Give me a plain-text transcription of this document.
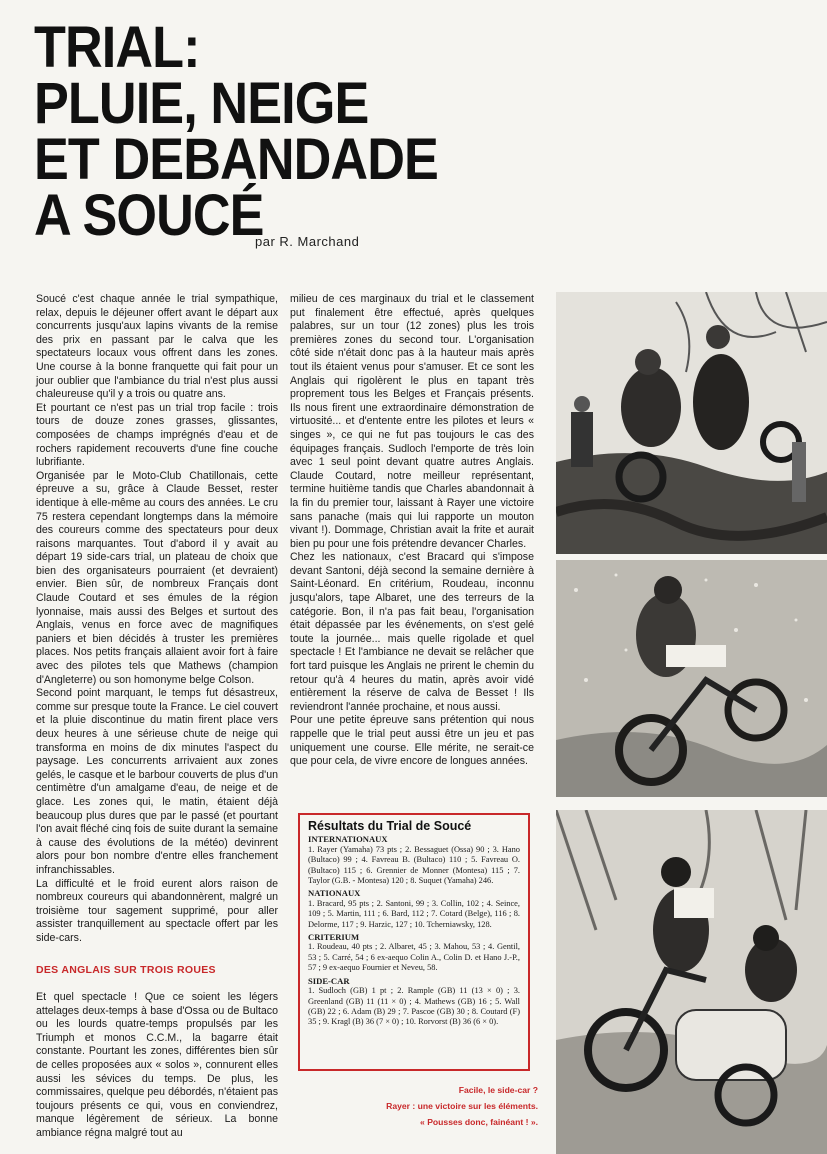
TRIAL:
PLUIE, NEIGE
ET DEBANDADE
A SOUCÉ
par R. Marchand

Soucé c'est chaque année le trial sympathique, relax, depuis le déjeuner offert avant le départ aux concurrents jusqu'aux lapins vivants de la remise des prix en passant par le calva que les spectateurs locaux vous offrent dans les zones. Une course à la bonne franquette qui fait pour un jour oublier que l'ambiance du trial n'est plus aussi chaleureuse qu'il y a trois ou quatre ans.

Et pourtant ce n'est pas un trial trop facile : trois tours de douze zones grasses, glissantes, composées de champs imprégnés d'eau et de rochers rapidement recouverts d'une fine couche lubrifiante.

Organisée par le Moto-Club Chatillonais, cette épreuve a su, grâce à Claude Besset, rester identique à elle-même au cours des années. Le cru 75 restera cependant longtemps dans la mémoire des coureurs comme des spectateurs pour deux raisons marquantes. Tout d'abord il y avait au départ 19 side-cars trial, un plateau de choix que bien des organisateurs pourraient (et devraient) envier. Bien sûr, de nombreux Français dont Claude Coutard et ses émules de la région lyonnaise, mais aussi des Belges et surtout des Anglais, venus en force avec de magnifiques paniers et bien décidés à truster les premières places. Nos petits français allaient avoir fort à faire avec des pilotes tels que Mathews (champion d'Angleterre) ou son homonyme belge Colson.

Second point marquant, le temps fut désastreux, comme sur presque toute la France. Le ciel couvert et la pluie discontinue du matin firent place vers deux heures à une sérieuse chute de neige qui transforma en moins de dix minutes l'aspect du paysage. Les concurrents arrivaient aux zones gelés, le casque et le barbour couverts de plus d'un centimètre d'un amalgame d'eau, de neige et de glace. Les zones qui, le matin, étaient déjà beaucoup plus dures que par le passé (et pourtant l'on avait fléché cinq fois de suite durant la semaine à cause des évolutions de la météo) devinrent alors pour bon nombre d'entre elles franchement infranchissables.

La difficulté et le froid eurent alors raison de nombreux coureurs qui abandonnèrent, malgré un troisième tour sagement supprimé, pour aller assister tranquillement au spectacle offert par les side-cars.

DES ANGLAIS SUR TROIS ROUES

Et quel spectacle ! Que ce soient les légers attelages deux-temps à base d'Ossa ou de Bultaco ou les lourds quatre-temps propulsés par les Triumph et monos C.C.M., la bagarre était constante. Pourtant les zones, différentes bien sûr de celles proposées aux « solos », connurent elles aussi les sévices du temps. De plus, les commissaires, quelque peu débordés, n'étaient pas toujours présents ce qui, vous en conviendrez, manque légèrement de sérieux. La bonne ambiance régna malgré tout au

milieu de ces marginaux du trial et le classement put finalement être effectué, après quelques palabres, sur un tour (12 zones) plus les trois premières zones du second tour. L'organisation côté side n'était donc pas à la hauteur mais après tout ils étaient venus pour s'amuser. Et ce sont les Anglais qui rigolèrent le plus en tapant très proprement tous les Belges et Français présents. Ils nous firent une extraordinaire démonstration de virtuosité... et d'entente entre les pilotes et leurs « singes », ce qui ne fut pas toujours le cas des équipages français. Sudloch l'emporte de très loin avec 1 seul point devant quatre autres Anglais. Claude Coutard, notre meilleur représentant, termine huitième tandis que Charles abandonnait à la fin du premier tour, laissant à Rayer une victoire sans panache (mais qui lui rapporte un mouton vivant !). Dommage, Christian avait la frite et aurait bien pu pour une fois prétendre devancer Charles.

Chez les nationaux, c'est Bracard qui s'impose devant Santoni, déjà second la semaine dernière à Saint-Léonard. En critérium, Roudeau, inconnu jusqu'alors, tape Albaret, une des terreurs de la catégorie. Bon, il n'a pas fait beau, l'organisation était dépassée par les événements, on s'est gelé toute la journée... mais quelle rigolade et quel spectacle ! Et l'ambiance ne devait se relâcher que fort tard puisque les Anglais ne prirent le chemin du retour qu'à 4 heures du matin, après avoir vidé entièrement la réserve de calva de Besset ! Ils reviendront l'année prochaine, et nous aussi.

Pour une petite épreuve sans prétention qui nous rappelle que le trial peut aussi être un jeu et pas uniquement une course. Elle mérite, ne serait-ce que pour cela, de vivre encore de longues années.

Résultats du Trial de Soucé
INTERNATIONAUX
1. Rayer (Yamaha) 73 pts ; 2. Bessaguet (Ossa) 90 ; 3. Hano (Bultaco) 99 ; 4. Favreau B. (Bultaco) 110 ; 5. Favreau O. (Bultaco) 115 ; 6. Grennier de Monner (Montesa) 115 ; 7. Taylor (G.B. - Montesa) 120 ; 8. Suquet (Yamaha) 246.
NATIONAUX
1. Bracard, 95 pts ; 2. Santoni, 99 ; 3. Collin, 102 ; 4. Seince, 109 ; 5. Martin, 111 ; 6. Bard, 112 ; 7. Cotard (Belge), 116 ; 8. Delorme, 117 ; 9. Harzic, 127 ; 10. Tcherniawsky, 128.
CRITERIUM
1. Roudeau, 40 pts ; 2. Albaret, 45 ; 3. Mahou, 53 ; 4. Gentil, 53 ; 5. Carré, 54 ; 6 ex-aequo Colin A., Colin D. et Hano J.-P., 57 ; 9 ex-aequo Fournier et Neveu, 58.
SIDE-CAR
1. Sudloch (GB) 1 pt ; 2. Rample (GB) 11 (13 × 0) ; 3. Greenland (GB) 11 (11 × 0) ; 4. Mathews (GB) 16 ; 5. Wall (GB) 22 ; 6. Adam (B) 29 ; 7. Pascoe (GB) 30 ; 8. Coutard (F) 35 ; 9. Kragl (B) 36 (7 × 0) ; 10. Rorvorst (B) 36 (6 × 0).
Facile, le side-car ?
Rayer : une victoire sur les éléments.
« Pousses donc, fainéant ! ».
